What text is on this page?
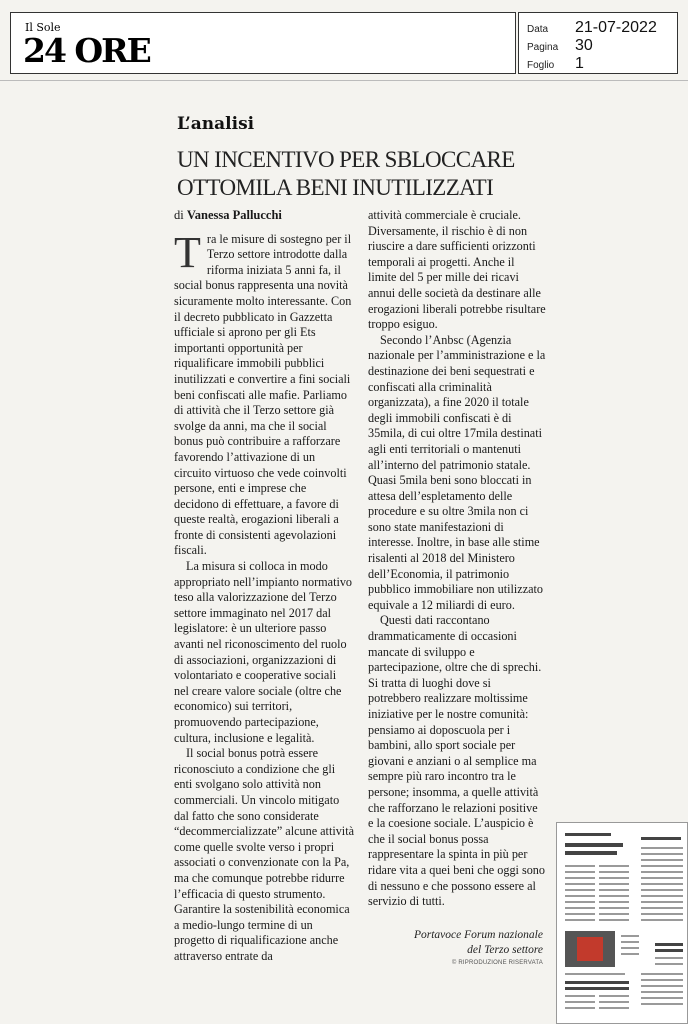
Il Sole
24 ORE
Data 21-07-2022
Pagina 30
Foglio 1
L’analisi
UN INCENTIVO PER SBLOCCARE OTTOMILA BENI INUTILIZZATI
di Vanessa Pallucchi

Tra le misure di sostegno per il Terzo settore introdotte dalla riforma iniziata 5 anni fa, il social bonus rappresenta una novità sicuramente molto interessante. Con il decreto pubblicato in Gazzetta ufficiale si aprono per gli Ets importanti opportunità per riqualificare immobili pubblici inutilizzati e convertire a fini sociali beni confiscati alle mafie. Parliamo di attività che il Terzo settore già svolge da anni, ma che il social bonus può contribuire a rafforzare favorendo l’attivazione di un circuito virtuoso che vede coinvolti persone, enti e imprese che decidono di effettuare, a favore di queste realtà, erogazioni liberali a fronte di consistenti agevolazioni fiscali.

La misura si colloca in modo appropriato nell’impianto normativo teso alla valorizzazione del Terzo settore immaginato nel 2017 dal legislatore: è un ulteriore passo avanti nel riconoscimento del ruolo di associazioni, organizzazioni di volontariato e cooperative sociali nel creare valore sociale (oltre che economico) sui territori, promuovendo partecipazione, cultura, inclusione e legalità.

Il social bonus potrà essere riconosciuto a condizione che gli enti svolgano solo attività non commerciali. Un vincolo mitigato dal fatto che sono considerate “decommercializzate” alcune attività come quelle svolte verso i propri associati o convenzionate con la Pa, ma che comunque potrebbe ridurre l’efficacia di questo strumento. Garantire la sostenibilità economica a medio-lungo termine di un progetto di riqualificazione anche attraverso entrate da

attività commerciale è cruciale. Diversamente, il rischio è di non riuscire a dare sufficienti orizzonti temporali ai progetti. Anche il limite del 5 per mille dei ricavi annui delle società da destinare alle erogazioni liberali potrebbe risultare troppo esiguo.

Secondo l’Anbsc (Agenzia nazionale per l’amministrazione e la destinazione dei beni sequestrati e confiscati alla criminalità organizzata), a fine 2020 il totale degli immobili confiscati è di 35mila, di cui oltre 17mila destinati agli enti territoriali o mantenuti all’interno del patrimonio statale. Quasi 5mila beni sono bloccati in attesa dell’espletamento delle procedure e su oltre 3mila non ci sono state manifestazioni di interesse. Inoltre, in base alle stime risalenti al 2018 del Ministero dell’Economia, il patrimonio pubblico immobiliare non utilizzato equivale a 12 miliardi di euro.

Questi dati raccontano drammaticamente di occasioni mancate di sviluppo e partecipazione, oltre che di sprechi. Si tratta di luoghi dove si potrebbero realizzare moltissime iniziative per le nostre comunità: pensiamo ai doposcuola per i bambini, allo sport sociale per giovani e anziani o al semplice ma sempre più raro incontro tra le persone; insomma, a quelle attività che rafforzano le relazioni positive e la coesione sociale. L’auspicio è che il social bonus possa rappresentare la spinta in più per ridare vita a quei beni che oggi sono di nessuno e che possono essere al servizio di tutti.

Portavoce Forum nazionale
del Terzo settore
© RIPRODUZIONE RISERVATA
